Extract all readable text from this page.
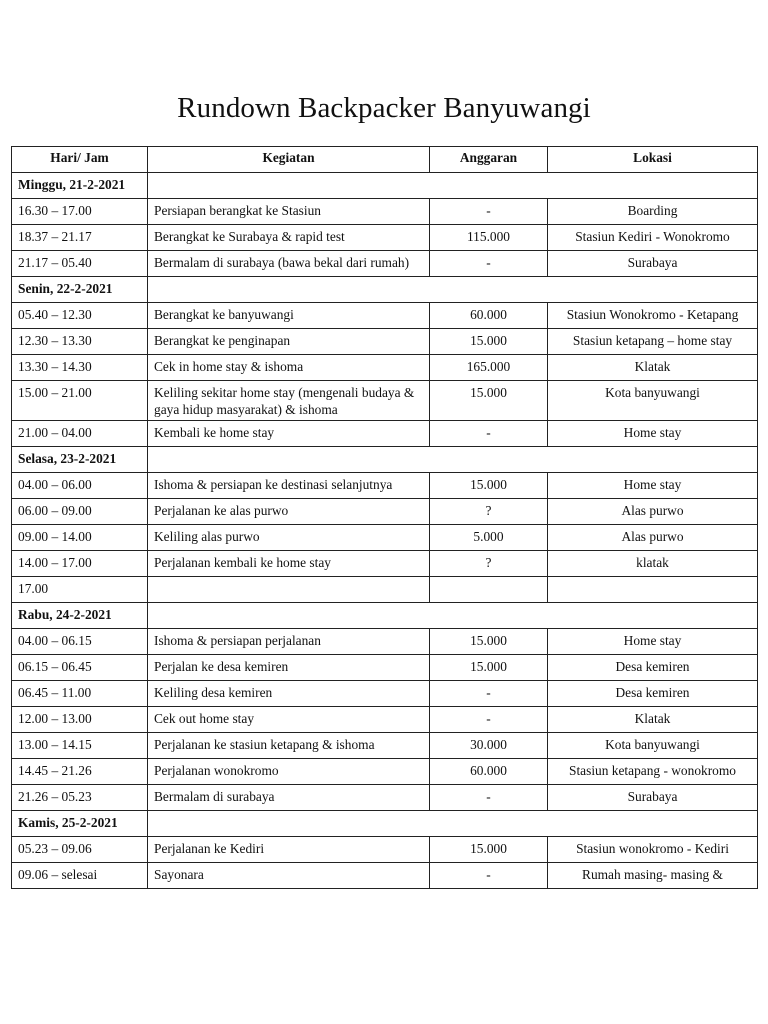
Rundown Backpacker Banyuwangi
Hari/ Jam	Kegiatan	Anggaran	Lokasi
Minggu, 21-2-2021			
16.30 – 17.00	Persiapan berangkat ke Stasiun	-	Boarding
18.37 – 21.17	Berangkat ke Surabaya & rapid test	115.000	Stasiun Kediri - Wonokromo
21.17 – 05.40	Bermalam di surabaya (bawa bekal dari rumah)	-	Surabaya
Senin, 22-2-2021			
05.40 – 12.30	Berangkat ke banyuwangi	60.000	Stasiun Wonokromo - Ketapang
12.30 – 13.30	Berangkat ke penginapan	15.000	Stasiun ketapang – home stay
13.30 – 14.30	Cek in home stay & ishoma	165.000	Klatak
15.00 – 21.00	Keliling sekitar home stay (mengenali budaya & gaya hidup masyarakat) & ishoma	15.000	Kota banyuwangi
21.00 – 04.00	Kembali ke home stay	-	Home stay
Selasa, 23-2-2021			
04.00 – 06.00	Ishoma & persiapan ke destinasi selanjutnya	15.000	Home stay
06.00 – 09.00	Perjalanan ke alas purwo	?	Alas purwo
09.00 – 14.00	Keliling alas purwo	5.000	Alas purwo
14.00 – 17.00	Perjalanan kembali ke home stay	?	klatak
17.00			
Rabu, 24-2-2021			
04.00 – 06.15	Ishoma & persiapan perjalanan	15.000	Home stay
06.15 – 06.45	Perjalan ke desa kemiren	15.000	Desa kemiren
06.45 – 11.00	Keliling desa kemiren	-	Desa kemiren
12.00 – 13.00	Cek out home stay	-	Klatak
13.00 – 14.15	Perjalanan ke stasiun ketapang & ishoma	30.000	Kota banyuwangi
14.45 – 21.26	Perjalanan wonokromo	60.000	Stasiun ketapang - wonokromo
21.26 – 05.23	Bermalam di surabaya	-	Surabaya
Kamis, 25-2-2021			
05.23 – 09.06	Perjalanan ke Kediri	15.000	Stasiun wonokromo - Kediri
09.06 – selesai	Sayonara	-	Rumah masing- masing &
